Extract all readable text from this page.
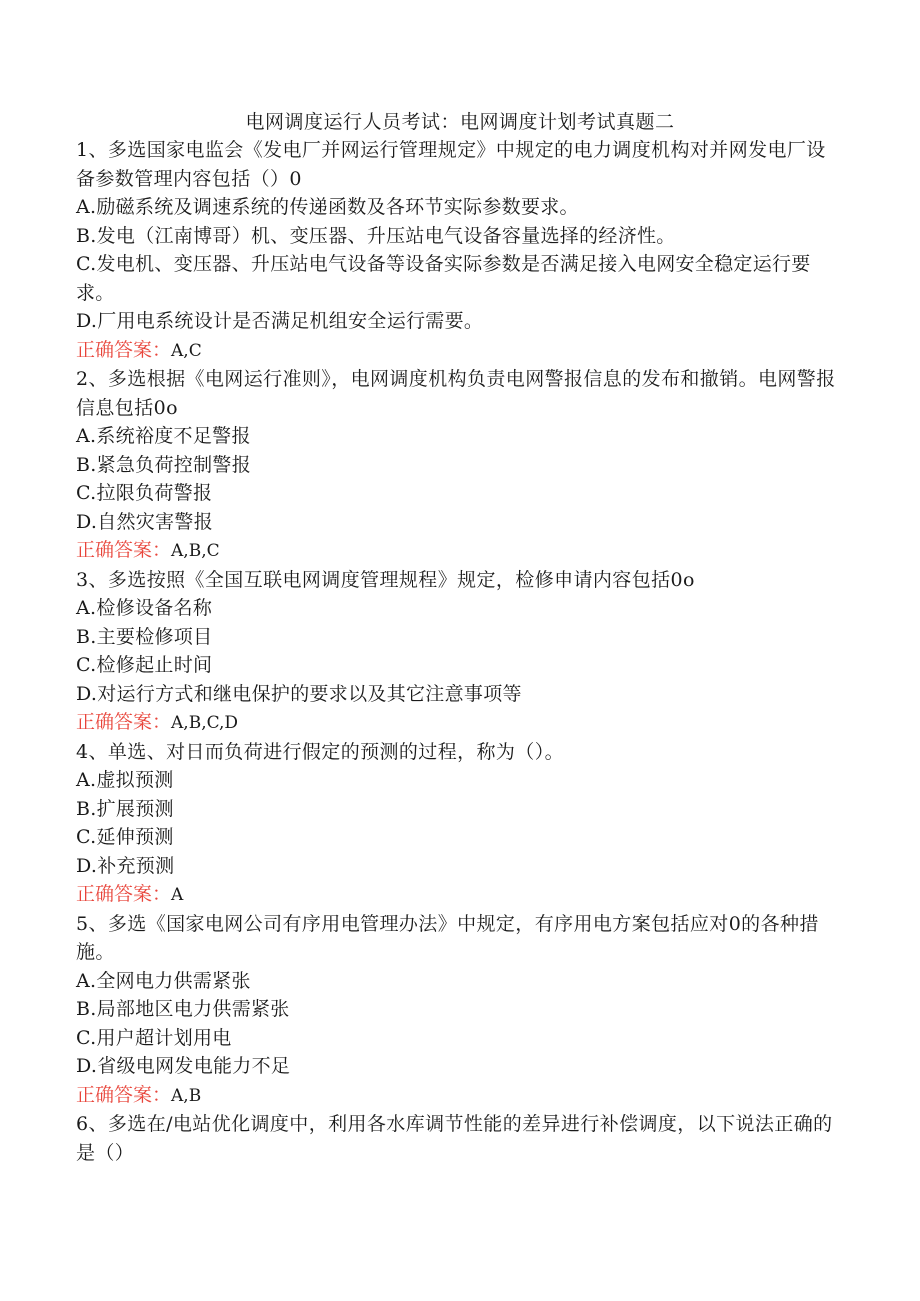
电网调度运行人员考试：电网调度计划考试真题二

1、多选国家电监会《发电厂并网运行管理规定》中规定的电力调度机构对并网发电厂设备参数管理内容包括（）0

A.励磁系统及调速系统的传递函数及各环节实际参数要求。

B.发电（江南博哥）机、变压器、升压站电气设备容量选择的经济性。

C.发电机、变压器、升压站电气设备等设备实际参数是否满足接入电网安全稳定运行要求。

D.厂用电系统设计是否满足机组安全运行需要。

正确答案：A,C

2、多选根据《电网运行准则》，电网调度机构负责电网警报信息的发布和撤销。电网警报信息包括0o

A.系统裕度不足警报

B.紧急负荷控制警报

C.拉限负荷警报

D.自然灾害警报

正确答案：A,B,C

3、多选按照《全国互联电网调度管理规程》规定，检修申请内容包括0o

A.检修设备名称

B.主要检修项目

C.检修起止时间

D.对运行方式和继电保护的要求以及其它注意事项等

正确答案：A,B,C,D

4、单选、对日而负荷进行假定的预测的过程，称为（）。

A.虚拟预测

B.扩展预测

C.延伸预测

D.补充预测

正确答案：A

5、多选《国家电网公司有序用电管理办法》中规定，有序用电方案包括应对0的各种措施。

A.全网电力供需紧张

B.局部地区电力供需紧张

C.用户超计划用电

D.省级电网发电能力不足

正确答案：A,B

6、多选在/电站优化调度中，利用各水库调节性能的差异进行补偿调度，以下说法正确的是（）
